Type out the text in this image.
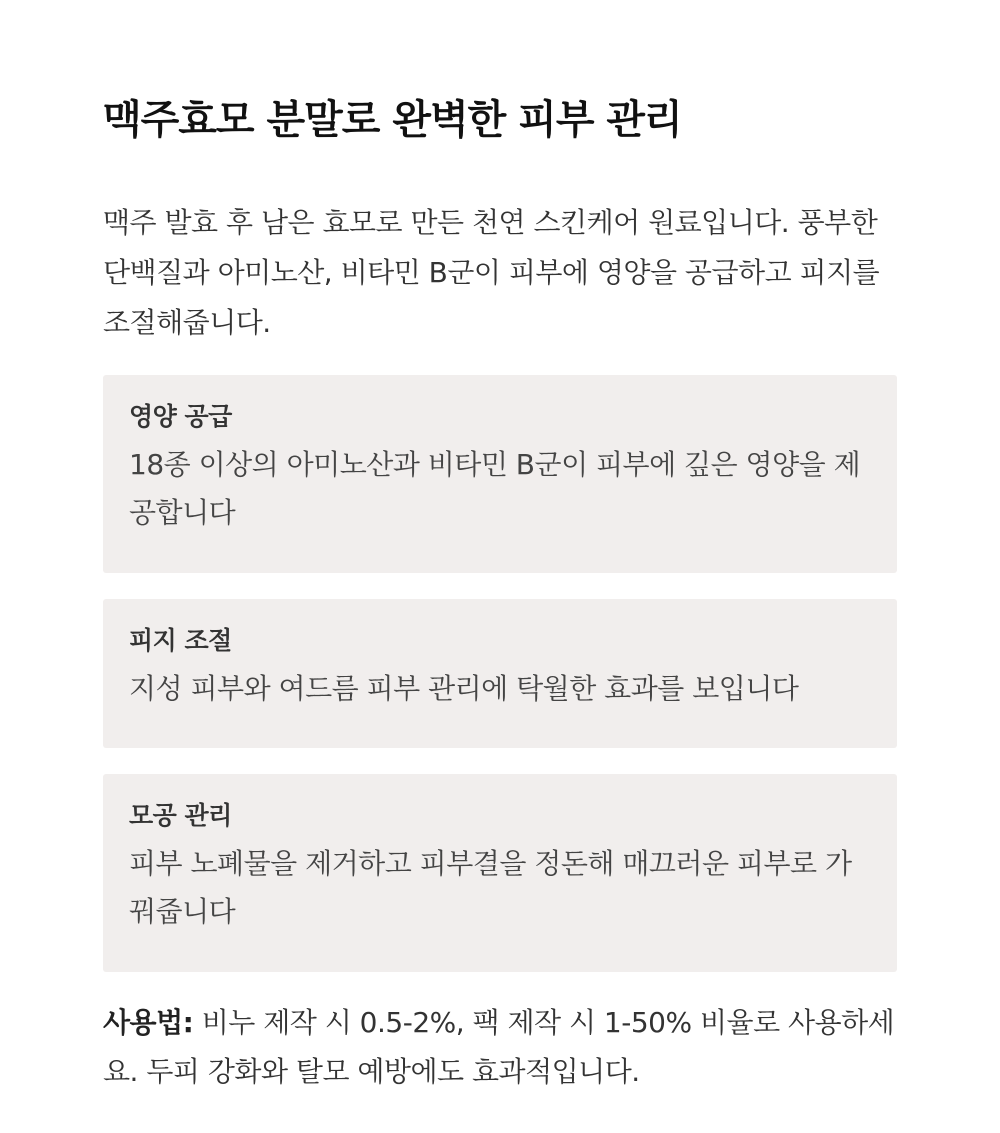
맥주효모 분말로 완벽한 피부 관리

맥주 발효 후 남은 효모로 만든 천연 스킨케어 원료입니다. 풍부한 단백질과 아미노산, 비타민 B군이 피부에 영양을 공급하고 피지를 조절해줍니다.

영양 공급
18종 이상의 아미노산과 비타민 B군이 피부에 깊은 영양을 제공합니다
피지 조절
지성 피부와 여드름 피부 관리에 탁월한 효과를 보입니다
모공 관리
피부 노폐물을 제거하고 피부결을 정돈해 매끄러운 피부로 가꿔줍니다

사용법: 비누 제작 시 0.5-2%, 팩 제작 시 1-50% 비율로 사용하세요. 두피 강화와 탈모 예방에도 효과적입니다.
